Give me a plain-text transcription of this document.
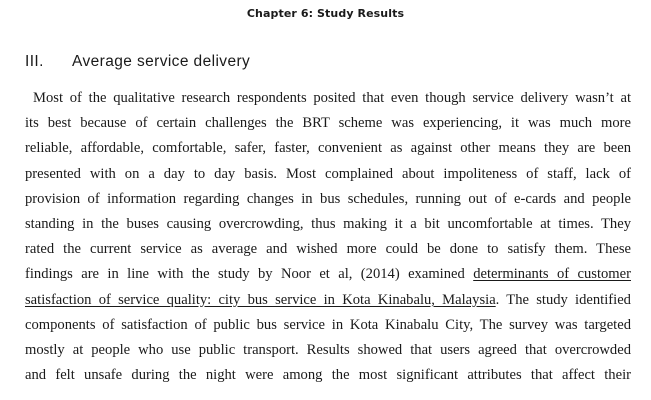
Chapter 6: Study Results
III. Average service delivery
Most of the qualitative research respondents posited that even though service delivery wasn’t at
its best because of certain challenges the BRT scheme was experiencing, it was much more
reliable, affordable, comfortable, safer, faster, convenient as against other means they are been
presented with on a day to day basis. Most complained about impoliteness of staff, lack of
provision of information regarding changes in bus schedules, running out of e-cards and people
standing in the buses causing overcrowding, thus making it a bit uncomfortable at times. They
rated the current service as average and wished more could be done to satisfy them. These
findings are in line with the study by Noor et al, (2014) examined determinants of customer
satisfaction of service quality: city bus service in Kota Kinabalu, Malaysia. The study identified
components of satisfaction of public bus service in Kota Kinabalu City, The survey was targeted
mostly at people who use public transport. Results showed that users agreed that overcrowded
and felt unsafe during the night were among the most significant attributes that affect their
